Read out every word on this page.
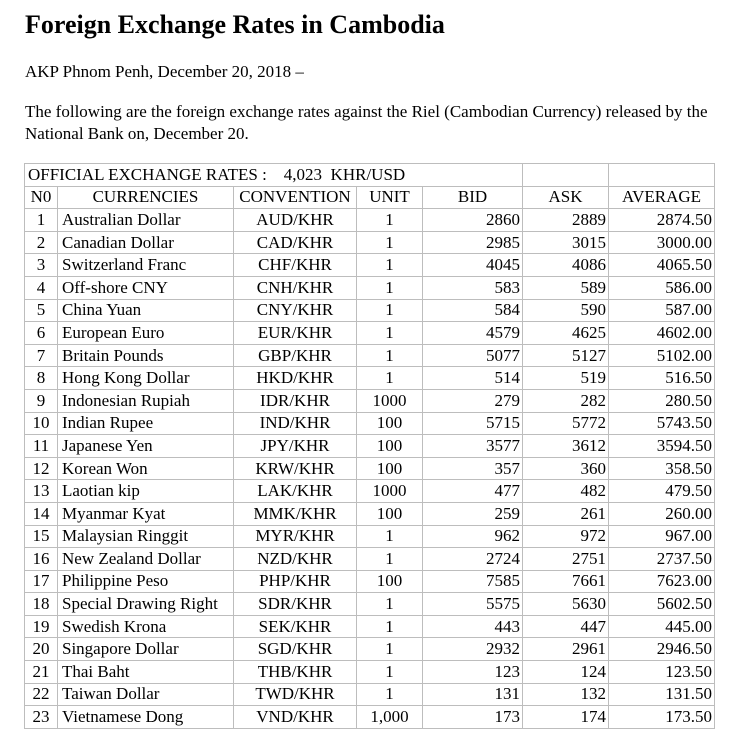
Foreign Exchange Rates in Cambodia

AKP Phnom Penh, December 20, 2018 –

The following are the foreign exchange rates against the Riel (Cambodian Currency) released by the National Bank on, December 20.

OFFICIAL EXCHANGE RATES :    4,023  KHR/USD						
N0	CURRENCIES	CONVENTION	UNIT	BID	ASK	AVERAGE
1	Australian Dollar	AUD/KHR	1	2860	2889	2874.50
2	Canadian Dollar	CAD/KHR	1	2985	3015	3000.00
3	Switzerland Franc	CHF/KHR	1	4045	4086	4065.50
4	Off-shore CNY	CNH/KHR	1	583	589	586.00
5	China Yuan	CNY/KHR	1	584	590	587.00
6	European Euro	EUR/KHR	1	4579	4625	4602.00
7	Britain Pounds	GBP/KHR	1	5077	5127	5102.00
8	Hong Kong Dollar	HKD/KHR	1	514	519	516.50
9	Indonesian Rupiah	IDR/KHR	1000	279	282	280.50
10	Indian Rupee	IND/KHR	100	5715	5772	5743.50
11	Japanese Yen	JPY/KHR	100	3577	3612	3594.50
12	Korean Won	KRW/KHR	100	357	360	358.50
13	Laotian kip	LAK/KHR	1000	477	482	479.50
14	Myanmar Kyat	MMK/KHR	100	259	261	260.00
15	Malaysian Ringgit	MYR/KHR	1	962	972	967.00
16	New Zealand Dollar	NZD/KHR	1	2724	2751	2737.50
17	Philippine Peso	PHP/KHR	100	7585	7661	7623.00
18	Special Drawing Right	SDR/KHR	1	5575	5630	5602.50
19	Swedish Krona	SEK/KHR	1	443	447	445.00
20	Singapore Dollar	SGD/KHR	1	2932	2961	2946.50
21	Thai Baht	THB/KHR	1	123	124	123.50
22	Taiwan Dollar	TWD/KHR	1	131	132	131.50
23	Vietnamese Dong	VND/KHR	1,000	173	174	173.50
